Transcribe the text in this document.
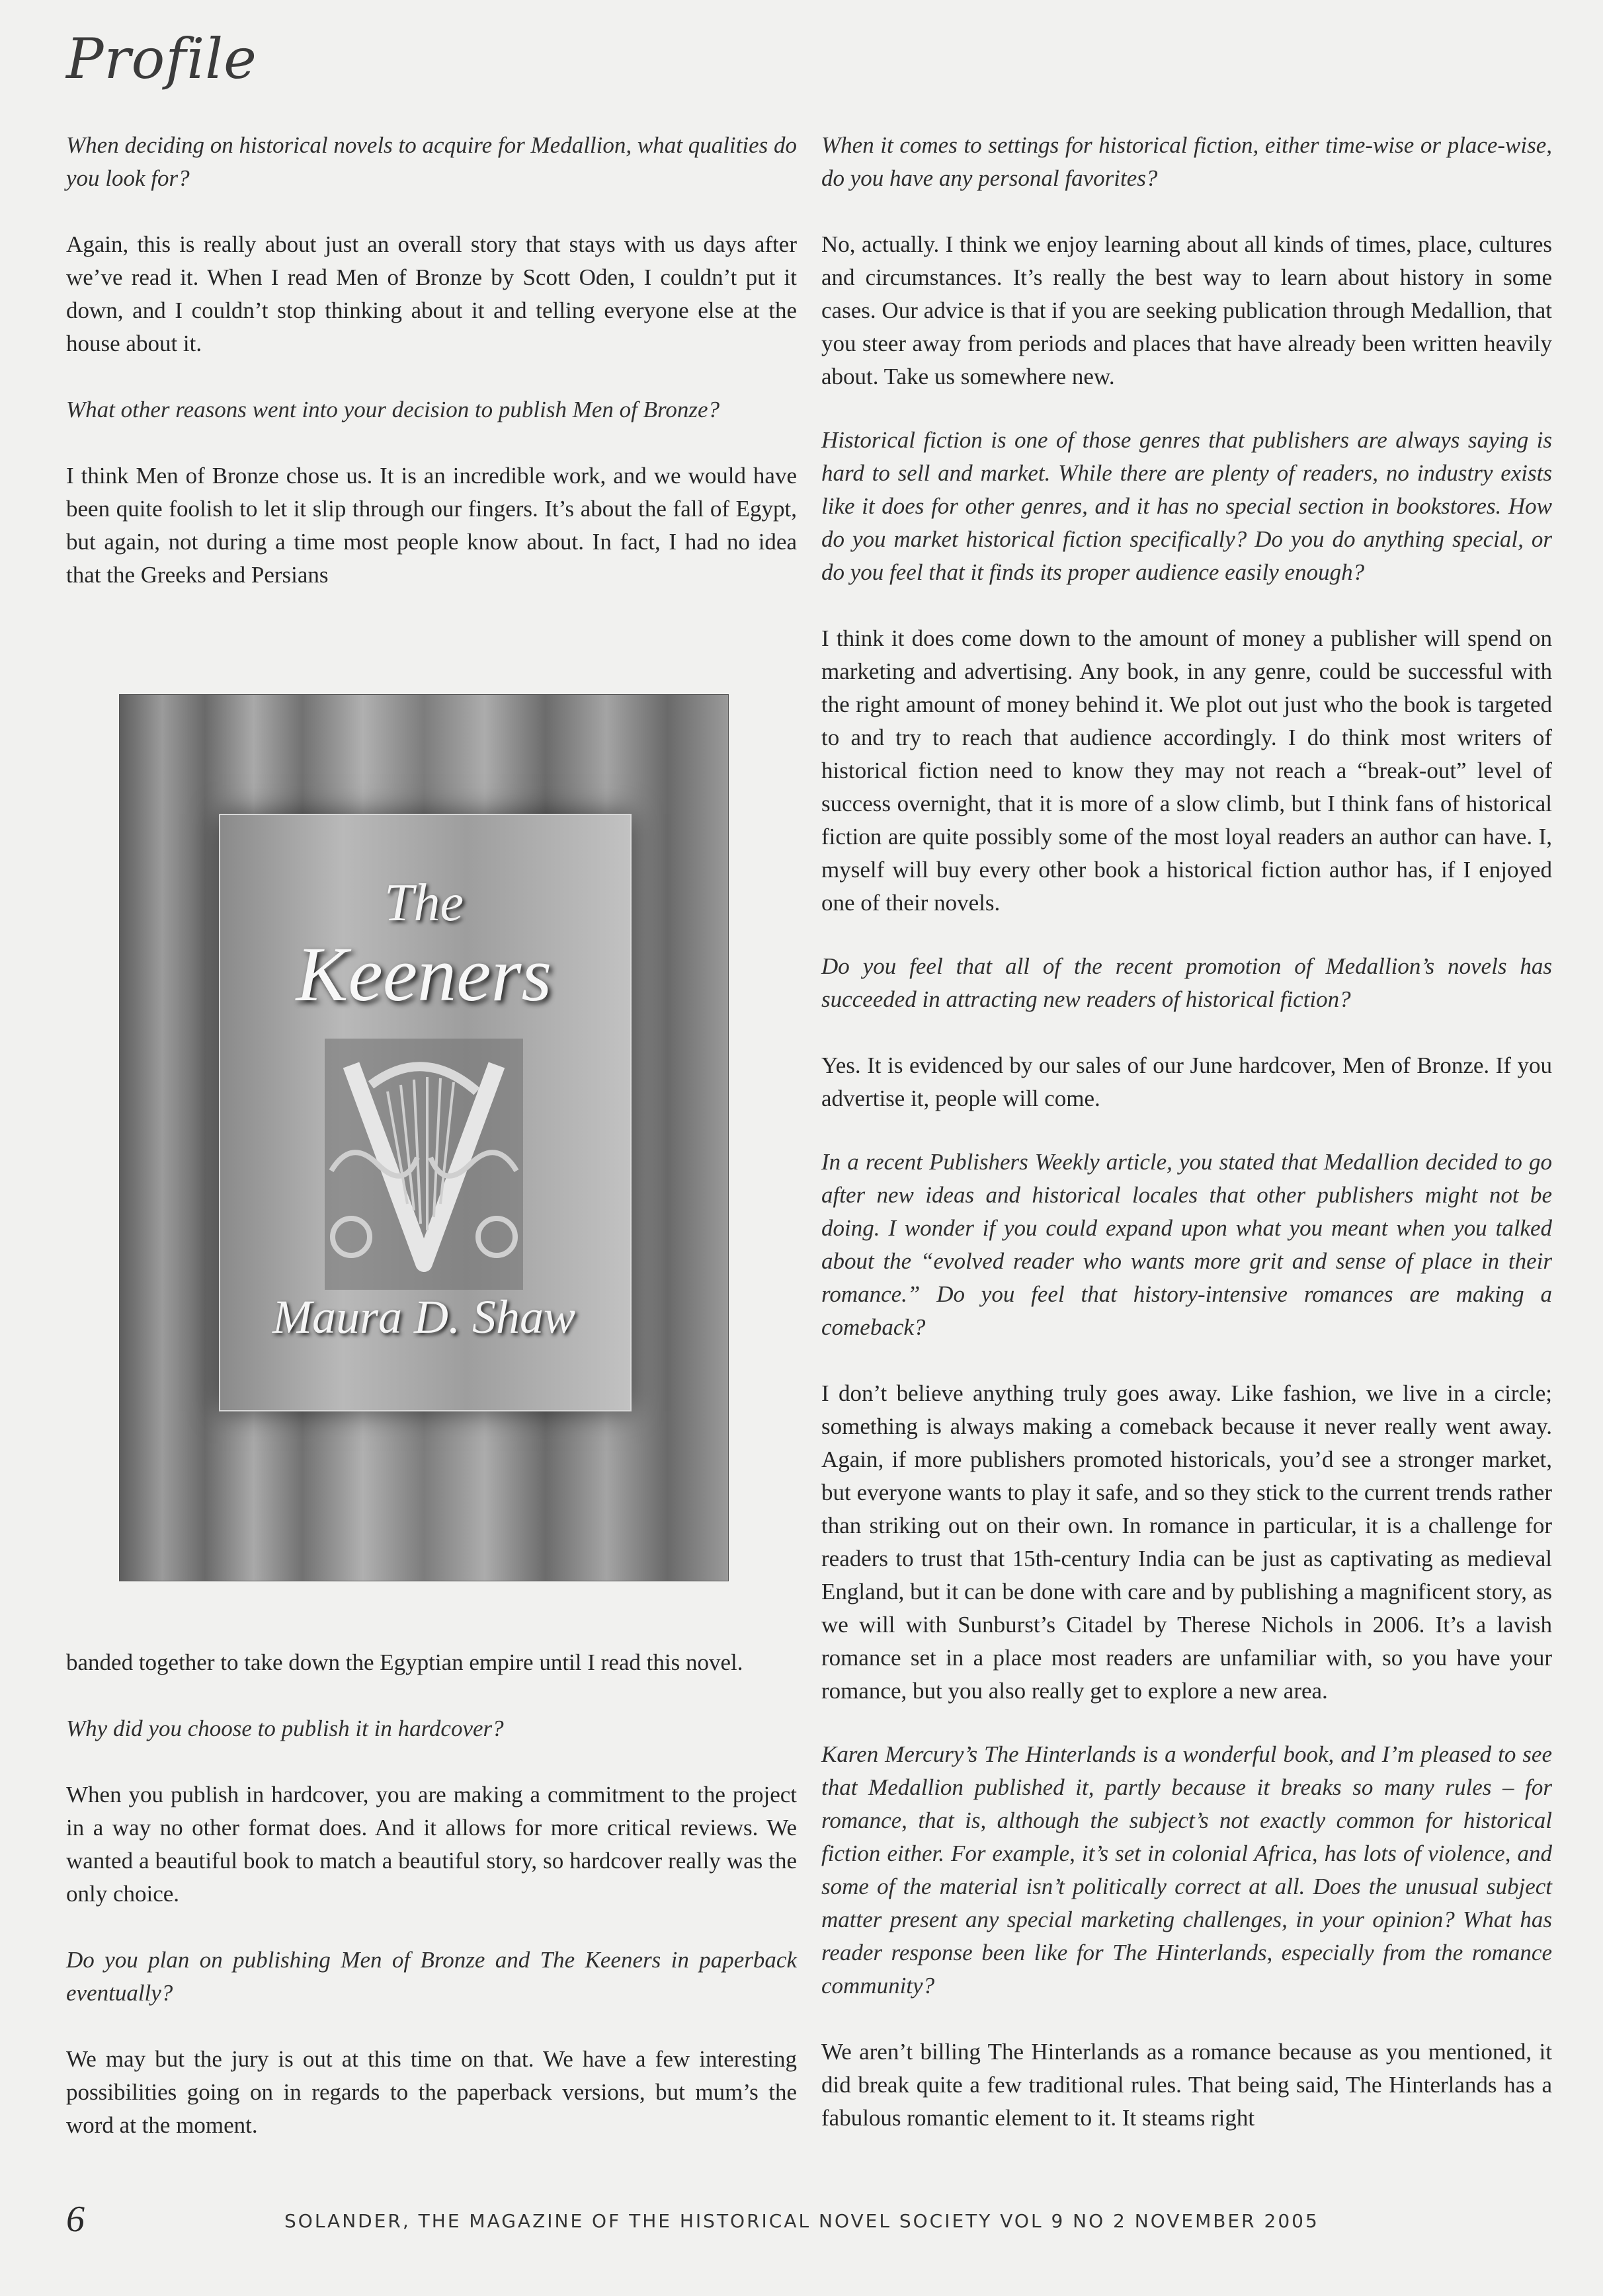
Profile

When deciding on historical novels to acquire for Medallion, what qualities do you look for?

Again, this is really about just an overall story that stays with us days after we’ve read it. When I read Men of Bronze by Scott Oden, I couldn’t put it down, and I couldn’t stop thinking about it and telling everyone else at the house about it.

What other reasons went into your decision to publish Men of Bronze?

I think Men of Bronze chose us. It is an incredible work, and we would have been quite foolish to let it slip through our fingers. It’s about the fall of Egypt, but again, not during a time most people know about. In fact, I had no idea that the Greeks and Persians

The
Keeners
Maura D. Shaw

banded together to take down the Egyptian empire until I read this novel.

Why did you choose to publish it in hardcover?

When you publish in hardcover, you are making a commitment to the project in a way no other format does. And it allows for more critical reviews. We wanted a beautiful book to match a beautiful story, so hardcover really was the only choice.

Do you plan on publishing Men of Bronze and The Keeners in paperback eventually?

We may but the jury is out at this time on that. We have a few interesting possibilities going on in regards to the paperback versions, but mum’s the word at the moment.

When it comes to settings for historical fiction, either time-wise or place-wise, do you have any personal favorites?

No, actually. I think we enjoy learning about all kinds of times, place, cultures and circumstances. It’s really the best way to learn about history in some cases. Our advice is that if you are seeking publication through Medallion, that you steer away from periods and places that have already been written heavily about. Take us somewhere new.

Historical fiction is one of those genres that publishers are always saying is hard to sell and market. While there are plenty of readers, no industry exists like it does for other genres, and it has no special section in bookstores. How do you market historical fiction specifically? Do you do anything special, or do you feel that it finds its proper audience easily enough?

I think it does come down to the amount of money a publisher will spend on marketing and advertising. Any book, in any genre, could be successful with the right amount of money behind it. We plot out just who the book is targeted to and try to reach that audience accordingly. I do think most writers of historical fiction need to know they may not reach a “break-out” level of success overnight, that it is more of a slow climb, but I think fans of historical fiction are quite possibly some of the most loyal readers an author can have. I, myself will buy every other book a historical fiction author has, if I enjoyed one of their novels.

Do you feel that all of the recent promotion of Medallion’s novels has succeeded in attracting new readers of historical fiction?

Yes. It is evidenced by our sales of our June hardcover, Men of Bronze. If you advertise it, people will come.

In a recent Publishers Weekly article, you stated that Medallion decided to go after new ideas and historical locales that other publishers might not be doing. I wonder if you could expand upon what you meant when you talked about the “evolved reader who wants more grit and sense of place in their romance.” Do you feel that history-intensive romances are making a comeback?

I don’t believe anything truly goes away. Like fashion, we live in a circle; something is always making a comeback because it never really went away. Again, if more publishers promoted historicals, you’d see a stronger market, but everyone wants to play it safe, and so they stick to the current trends rather than striking out on their own. In romance in particular, it is a challenge for readers to trust that 15th-century India can be just as captivating as medieval England, but it can be done with care and by publishing a magnificent story, as we will with Sunburst’s Citadel by Therese Nichols in 2006. It’s a lavish romance set in a place most readers are unfamiliar with, so you have your romance, but you also really get to explore a new area.

Karen Mercury’s The Hinterlands is a wonderful book, and I’m pleased to see that Medallion published it, partly because it breaks so many rules – for romance, that is, although the subject’s not exactly common for historical fiction either. For example, it’s set in colonial Africa, has lots of violence, and some of the material isn’t politically correct at all. Does the unusual subject matter present any special marketing challenges, in your opinion? What has reader response been like for The Hinterlands, especially from the romance community?

We aren’t billing The Hinterlands as a romance because as you mentioned, it did break quite a few traditional rules. That being said, The Hinterlands has a fabulous romantic element to it. It steams right

6	SOLANDER, THE MAGAZINE OF THE HISTORICAL NOVEL SOCIETY VOL 9 NO 2 NOVEMBER 2005
